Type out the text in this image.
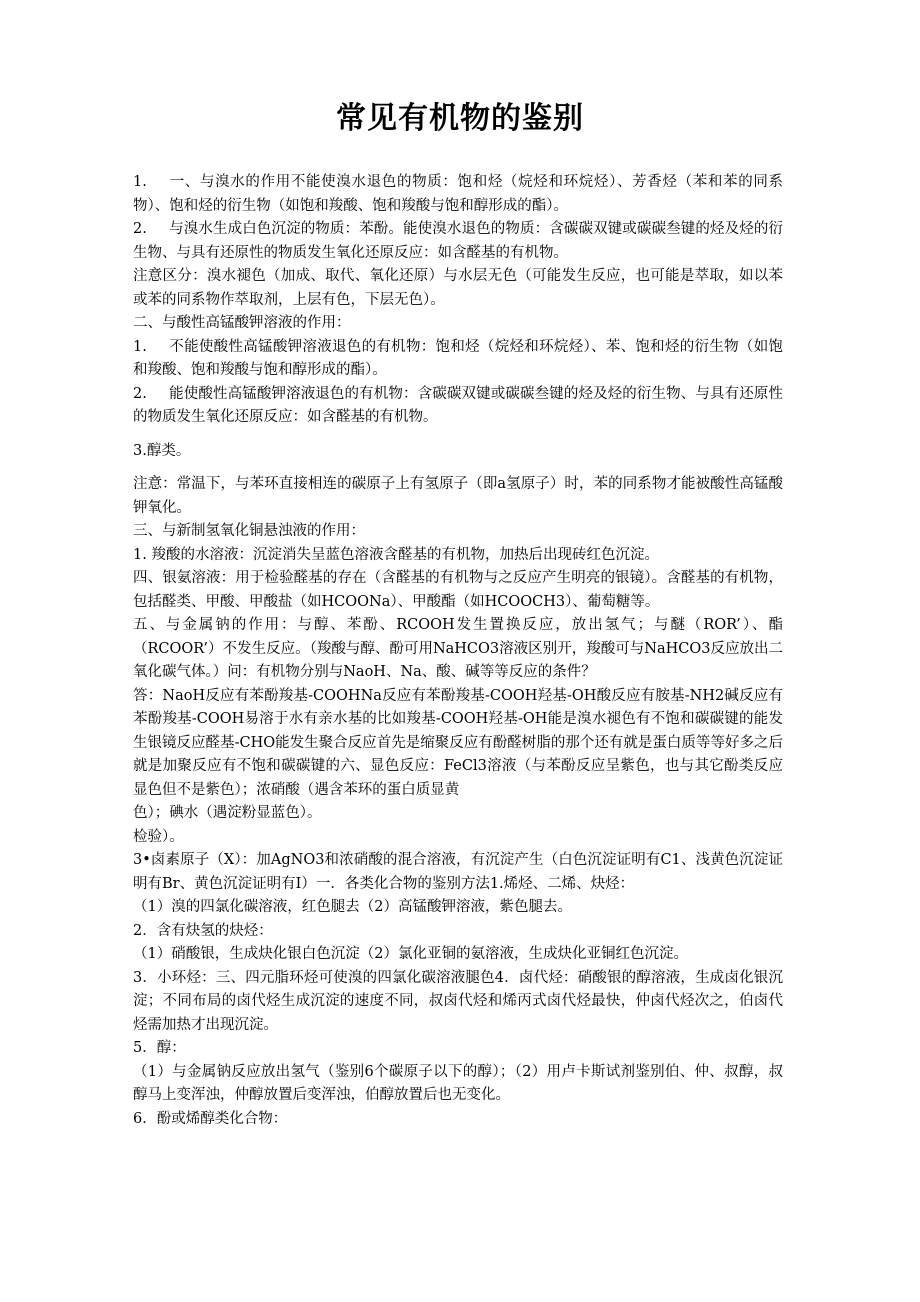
常见有机物的鉴别

1. 一、与溴水的作用不能使溴水退色的物质：饱和烃（烷烃和环烷烃）、芳香烃（苯和苯的同系物）、饱和烃的衍生物（如饱和羧酸、饱和羧酸与饱和醇形成的酯）。

2. 与溴水生成白色沉淀的物质：苯酚。能使溴水退色的物质：含碳碳双键或碳碳叁键的烃及烃的衍生物、与具有还原性的物质发生氧化还原反应：如含醛基的有机物。

注意区分：溴水褪色（加成、取代、氧化还原）与水层无色（可能发生反应，也可能是萃取，如以苯或苯的同系物作萃取剂，上层有色，下层无色）。

二、与酸性高锰酸钾溶液的作用：

1. 不能使酸性高锰酸钾溶液退色的有机物：饱和烃（烷烃和环烷烃）、苯、饱和烃的衍生物（如饱和羧酸、饱和羧酸与饱和醇形成的酯）。

2. 能使酸性高锰酸钾溶液退色的有机物：含碳碳双键或碳碳叁键的烃及烃的衍生物、与具有还原性的物质发生氧化还原反应：如含醛基的有机物。

3.醇类。

注意：常温下，与苯环直接相连的碳原子上有氢原子（即a氢原子）时，苯的同系物才能被酸性高锰酸钾氧化。

三、与新制氢氧化铜悬浊液的作用：

1. 羧酸的水溶液：沉淀消失呈蓝色溶液含醛基的有机物，加热后出现砖红色沉淀。

四、银氨溶液：用于检验醛基的存在（含醛基的有机物与之反应产生明亮的银镜）。含醛基的有机物，包括醛类、甲酸、甲酸盐（如HCOONa）、甲酸酯（如HCOOCH3）、葡萄糖等。

五、与金属钠的作用：与醇、苯酚、RCOOH发生置换反应，放出氢气；与醚（ROR’）、酯（RCOOR’）不发生反应。（羧酸与醇、酚可用NaHCO3溶液区别开，羧酸可与NaHCO3反应放出二氧化碳气体。）问：有机物分别与NaoH、Na、酸、碱等等反应的条件？

答：NaoH反应有苯酚羧基-COOHNa反应有苯酚羧基-COOH羟基-OH酸反应有胺基-NH2碱反应有苯酚羧基-COOH易溶于水有亲水基的比如羧基-COOH羟基-OH能是溴水褪色有不饱和碳碳键的能发生银镜反应醛基-CHO能发生聚合反应首先是缩聚反应有酚醛树脂的那个还有就是蛋白质等等好多之后就是加聚反应有不饱和碳碳键的六、显色反应：FeCl3溶液（与苯酚反应呈紫色，也与其它酚类反应显色但不是紫色）；浓硝酸（遇含苯环的蛋白质显黄

色）；碘水（遇淀粉显蓝色）。

检验）。

3•卤素原子（X）：加AgNO3和浓硝酸的混合溶液，有沉淀产生（白色沉淀证明有C1、浅黄色沉淀证明有Br、黄色沉淀证明有I）一．各类化合物的鉴别方法1.烯烃、二烯、炔烃：

（1）溴的四氯化碳溶液，红色腿去（2）高锰酸钾溶液，紫色腿去。

2．含有炔氢的炔烃：

（1）硝酸银，生成炔化银白色沉淀（2）氯化亚铜的氨溶液，生成炔化亚铜红色沉淀。

3．小环烃：三、四元脂环烃可使溴的四氯化碳溶液腿色4．卤代烃：硝酸银的醇溶液，生成卤化银沉淀；不同布局的卤代烃生成沉淀的速度不同，叔卤代烃和烯丙式卤代烃最快，仲卤代烃次之，伯卤代烃需加热才出现沉淀。

5．醇：

（1）与金属钠反应放出氢气（鉴别6个碳原子以下的醇）；（2）用卢卡斯试剂鉴别伯、仲、叔醇，叔醇马上变浑浊，仲醇放置后变浑浊，伯醇放置后也无变化。

6．酚或烯醇类化合物：
